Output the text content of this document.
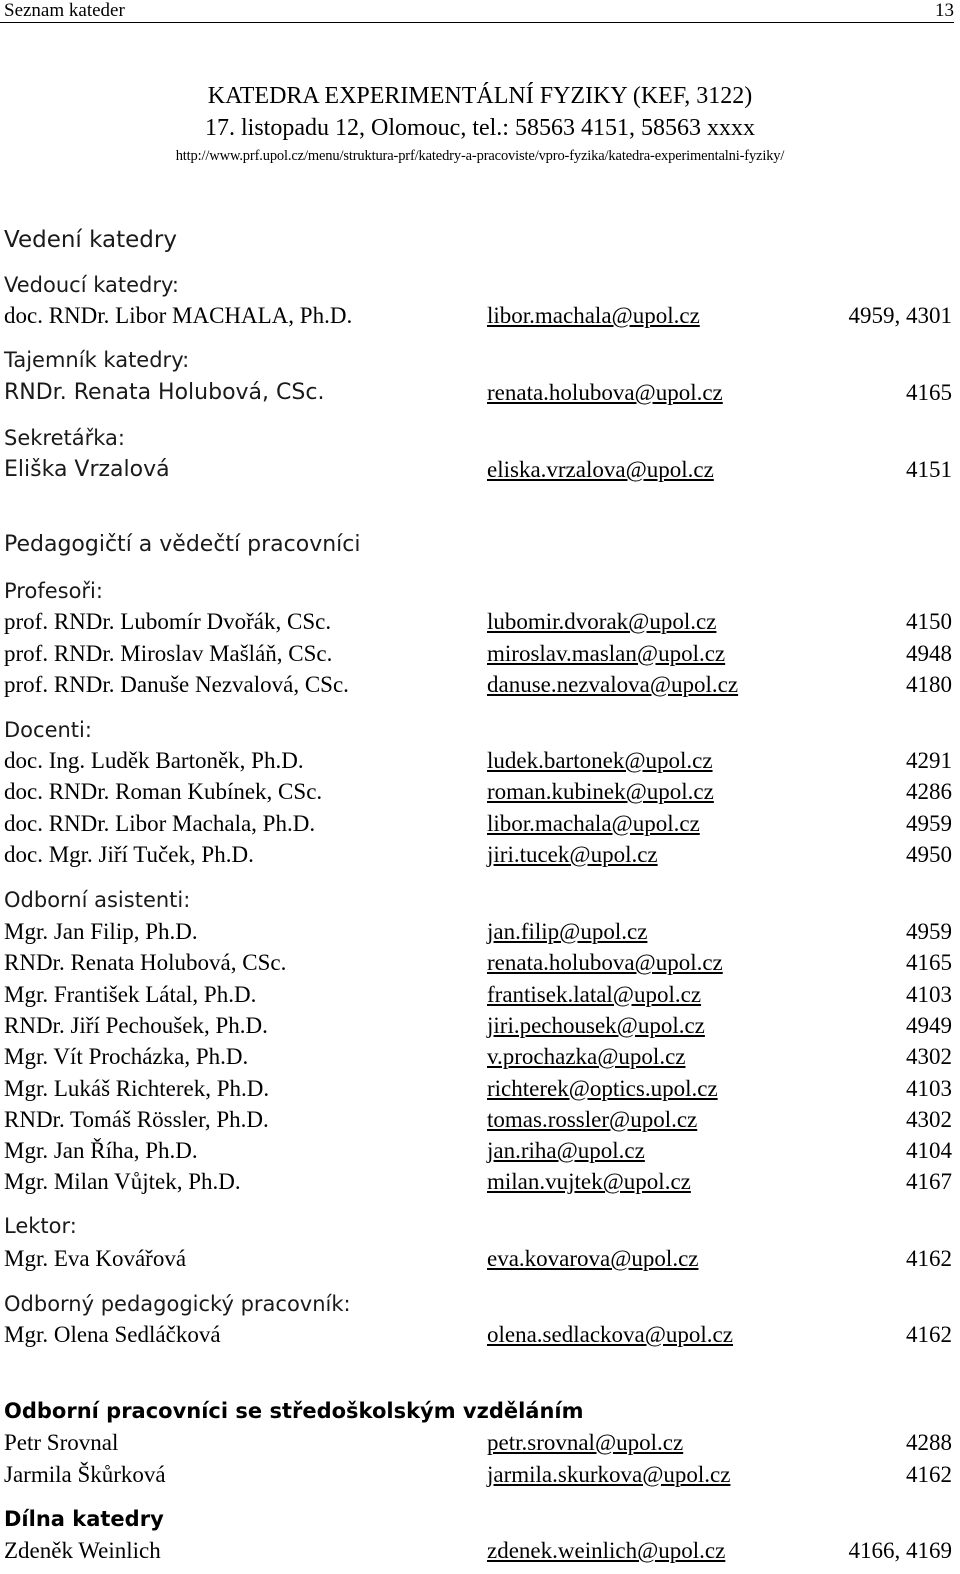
Seznam kateder	13
KATEDRA EXPERIMENTÁLNÍ FYZIKY (KEF, 3122)
17. listopadu 12, Olomouc, tel.: 58563 4151, 58563 xxxx
http://www.prf.upol.cz/menu/struktura-prf/katedry-a-pracoviste/vpro-fyzika/katedra-experimentalni-fyziky/
Vedení katedry
Vedoucí katedry:
doc. RNDr. Libor MACHALA, Ph.D.	libor.machala@upol.cz	4959, 4301
Tajemník katedry:
RNDr. Renata Holubová, CSc.	renata.holubova@upol.cz	4165
Sekretářka:
Eliška Vrzalová	eliska.vrzalova@upol.cz	4151
Pedagogičtí a vědečtí pracovníci
Profesoři:
prof. RNDr. Lubomír Dvořák, CSc.	lubomir.dvorak@upol.cz	4150
prof. RNDr. Miroslav Mašláň, CSc.	miroslav.maslan@upol.cz	4948
prof. RNDr. Danuše Nezvalová, CSc.	danuse.nezvalova@upol.cz	4180
Docenti:
doc. Ing. Luděk Bartoněk, Ph.D.	ludek.bartonek@upol.cz	4291
doc. RNDr. Roman Kubínek, CSc.	roman.kubinek@upol.cz	4286
doc. RNDr. Libor Machala, Ph.D.	libor.machala@upol.cz	4959
doc. Mgr. Jiří Tuček, Ph.D.	jiri.tucek@upol.cz	4950
Odborní asistenti:
Mgr. Jan Filip, Ph.D.	jan.filip@upol.cz	4959
RNDr. Renata Holubová, CSc.	renata.holubova@upol.cz	4165
Mgr. František Látal, Ph.D.	frantisek.latal@upol.cz	4103
RNDr. Jiří Pechoušek, Ph.D.	jiri.pechousek@upol.cz	4949
Mgr. Vít Procházka, Ph.D.	v.prochazka@upol.cz	4302
Mgr. Lukáš Richterek, Ph.D.	richterek@optics.upol.cz	4103
RNDr. Tomáš Rössler, Ph.D.	tomas.rossler@upol.cz	4302
Mgr. Jan Říha, Ph.D.	jan.riha@upol.cz	4104
Mgr. Milan Vůjtek, Ph.D.	milan.vujtek@upol.cz	4167
Lektor:
Mgr. Eva Kovářová	eva.kovarova@upol.cz	4162
Odborný pedagogický pracovník:
Mgr. Olena Sedláčková	olena.sedlackova@upol.cz	4162
Odborní pracovníci se středoškolským vzděláním
Petr Srovnal	petr.srovnal@upol.cz	4288
Jarmila Škůrková	jarmila.skurkova@upol.cz	4162
Dílna katedry
Zdeněk Weinlich	zdenek.weinlich@upol.cz	4166, 4169
